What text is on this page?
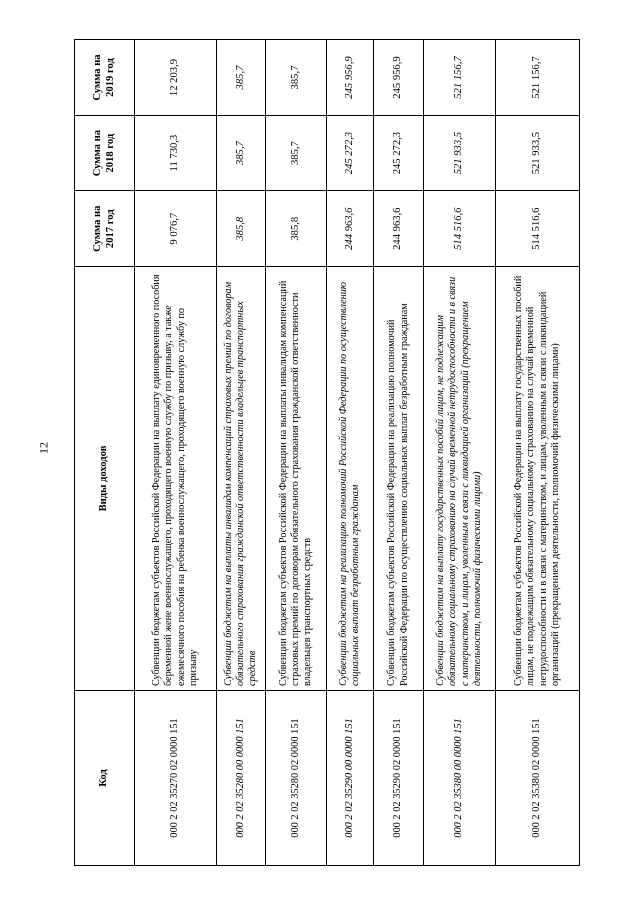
12
Код	Виды доходов	Сумма на 2017 год	Сумма на 2018 год	Сумма на 2019 год
000 2 02 35270 02 0000 151	Субвенции бюджетам субъектов Российской Федерации на выплату единовременного пособия беременной жене военнослужащего, проходящего военную службу по призыву, а также ежемесячного пособия на ребенка военнослужащего, проходящего военную службу по призыву	9 076,7	11 730,3	12 203,9
000 2 02 35280 00 0000 151	Субвенции бюджетам на выплаты инвалидам компенсаций страховых премий по договорам обязательного страхования гражданской ответственности владельцев транспортных средств	385,8	385,7	385,7
000 2 02 35280 02 0000 151	Субвенции бюджетам субъектов Российской Федерации на выплаты инвалидам компенсаций страховых премий по договорам обязательного страхования гражданской ответственности владельцев транспортных средств	385,8	385,7	385,7
000 2 02 35290 00 0000 151	Субвенции бюджетам на реализацию полномочий Российской Федерации по осуществлению социальных выплат безработным гражданам	244 963,6	245 272,3	245 956,9
000 2 02 35290 02 0000 151	Субвенции бюджетам субъектов Российской Федерации на реализацию полномочий Российской Федерации по осуществлению социальных выплат безработным гражданам	244 963,6	245 272,3	245 956,9
000 2 02 35380 00 0000 151	Субвенции бюджетам на выплату государственных пособий лицам, не подлежащим обязательному социальному страхованию на случай временной нетрудоспособности и в связи с материнством, и лицам, уволенным в связи с ликвидацией организаций (прекращением деятельности, полномочий физическими лицами)	514 516,6	521 933,5	521 156,7
000 2 02 35380 02 0000 151	Субвенции бюджетам субъектов Российской Федерации на выплату государственных пособий лицам, не подлежащим обязательному социальному страхованию на случай временной нетрудоспособности и в связи с материнством, и лицам, уволенным в связи с ликвидацией организаций (прекращением деятельности, полномочий физическими лицами)	514 516,6	521 933,5	521 156,7
